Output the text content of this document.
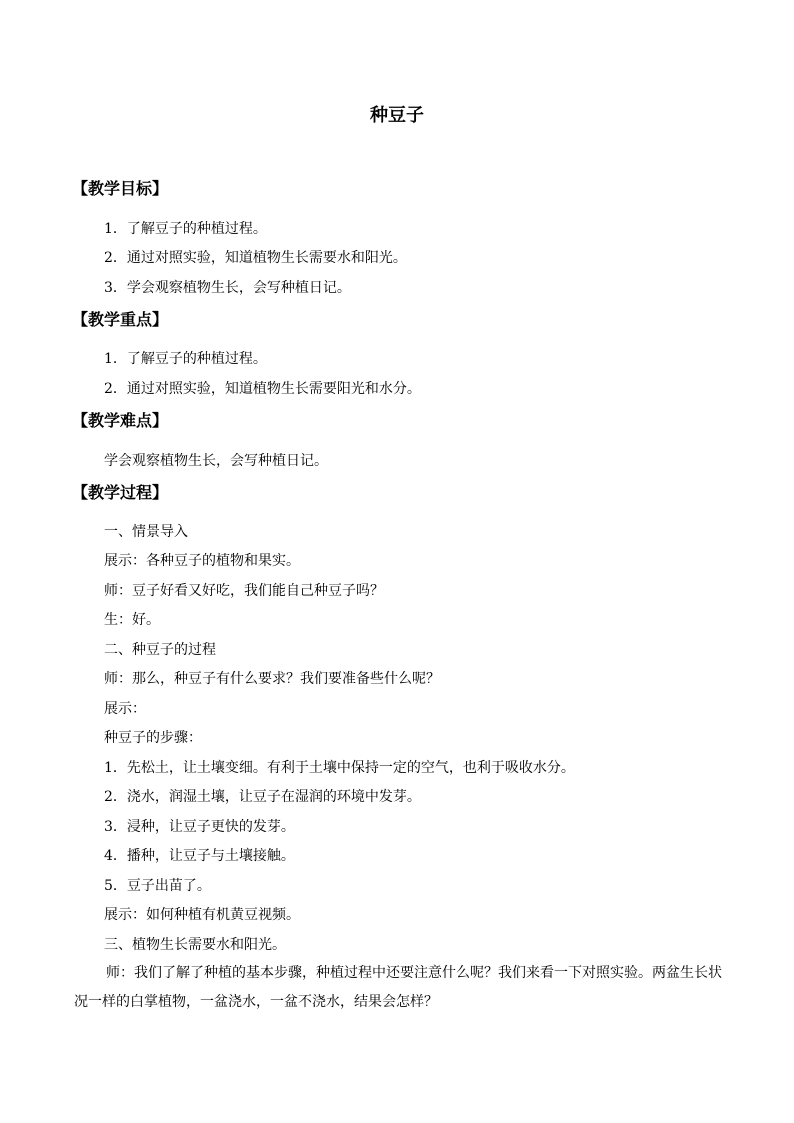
种豆子
【教学目标】
1．了解豆子的种植过程。
2．通过对照实验，知道植物生长需要水和阳光。
3．学会观察植物生长，会写种植日记。
【教学重点】
1．了解豆子的种植过程。
2．通过对照实验，知道植物生长需要阳光和水分。
【教学难点】
学会观察植物生长，会写种植日记。
【教学过程】
一、情景导入
展示：各种豆子的植物和果实。
师：豆子好看又好吃，我们能自己种豆子吗？
生：好。
二、种豆子的过程
师：那么，种豆子有什么要求？我们要准备些什么呢？
展示：
种豆子的步骤：
1．先松土，让土壤变细。有利于土壤中保持一定的空气，也利于吸收水分。
2．浇水，润湿土壤，让豆子在湿润的环境中发芽。
3．浸种，让豆子更快的发芽。
4．播种，让豆子与土壤接触。
5．豆子出苗了。
展示：如何种植有机黄豆视频。
三、植物生长需要水和阳光。
师：我们了解了种植的基本步骤，种植过程中还要注意什么呢？我们来看一下对照实验。两盆生长状况一样的白掌植物，一盆浇水，一盆不浇水，结果会怎样？
